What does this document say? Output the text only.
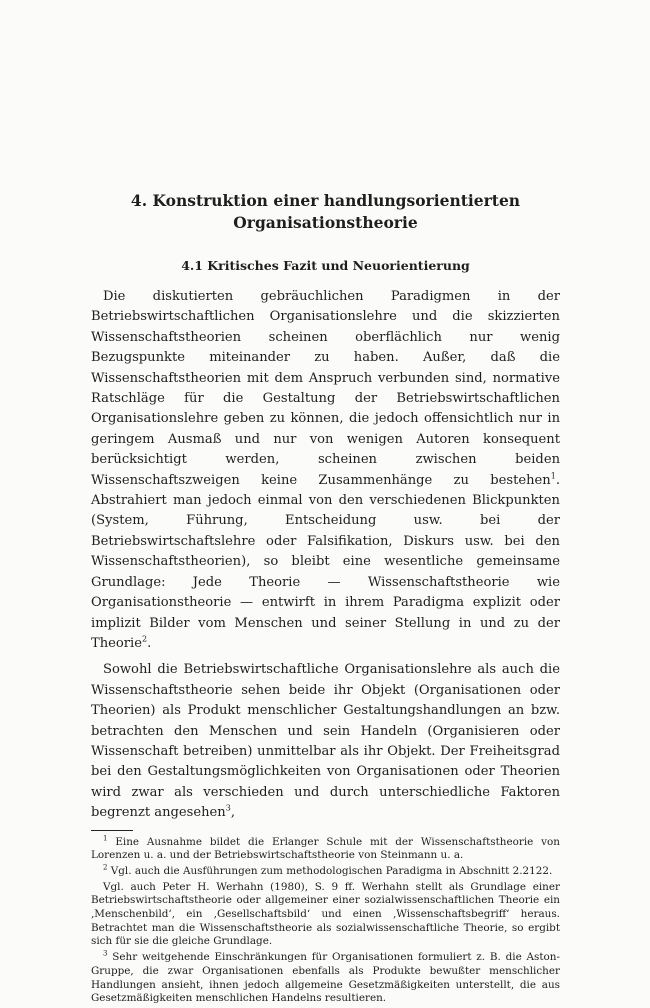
4. Konstruktion einer handlungsorientierten
Organisationstheorie
4.1 Kritisches Fazit und Neuorientierung

Die diskutierten gebräuchlichen Paradigmen in der Betriebswirtschaftlichen Organisationslehre und die skizzierten Wissenschaftstheorien scheinen oberflächlich nur wenig Bezugspunkte miteinander zu haben. Außer, daß die Wissenschaftstheorien mit dem Anspruch verbunden sind, normative Ratschläge für die Gestaltung der Betriebswirtschaftlichen Organisationslehre geben zu können, die jedoch offensichtlich nur in geringem Ausmaß und nur von wenigen Autoren konsequent berücksichtigt werden, scheinen zwischen beiden Wissenschaftszweigen keine Zusammenhänge zu bestehen$^1$. Abstrahiert man jedoch einmal von den verschiedenen Blickpunkten (System, Führung, Entscheidung usw. bei der Betriebswirtschaftslehre oder Falsifikation, Diskurs usw. bei den Wissenschaftstheorien), so bleibt eine wesentliche gemeinsame Grundlage: Jede Theorie — Wissenschaftstheorie wie Organisationstheorie — entwirft in ihrem Paradigma explizit oder implizit Bilder vom Menschen und seiner Stellung in und zu der Theorie$^2$.

Sowohl die Betriebswirtschaftliche Organisationslehre als auch die Wissenschaftstheorie sehen beide ihr Objekt (Organisationen oder Theorien) als Produkt menschlicher Gestaltungshandlungen an bzw. betrachten den Menschen und sein Handeln (Organisieren oder Wissenschaft betreiben) unmittelbar als ihr Objekt. Der Freiheitsgrad bei den Gestaltungsmöglichkeiten von Organisationen oder Theorien wird zwar als verschieden und durch unterschiedliche Faktoren begrenzt angesehen$^3$,

$^1$ Eine Ausnahme bildet die Erlanger Schule mit der Wissenschaftstheorie von Lorenzen u. a. und der Betriebswirtschaftstheorie von Steinmann u. a.

$^2$ Vgl. auch die Ausführungen zum methodologischen Paradigma in Abschnitt 2.2122.

Vgl. auch Peter H. Werhahn (1980), S. 9 ff. Werhahn stellt als Grundlage einer Betriebswirtschaftstheorie oder allgemeiner einer sozialwissenschaftlichen Theorie ein ‚Menschenbild‘, ein ‚Gesellschaftsbild‘ und einen ‚Wissenschaftsbegriff‘ heraus. Betrachtet man die Wissenschaftstheorie als sozialwissenschaftliche Theorie, so ergibt sich für sie die gleiche Grundlage.

$^3$ Sehr weitgehende Einschränkungen für Organisationen formuliert z. B. die Aston-Gruppe, die zwar Organisationen ebenfalls als Produkte bewußter menschlicher Handlungen ansieht, ihnen jedoch allgemeine Gesetzmäßigkeiten unterstellt, die aus Gesetzmäßigkeiten menschlichen Handelns resultieren.
